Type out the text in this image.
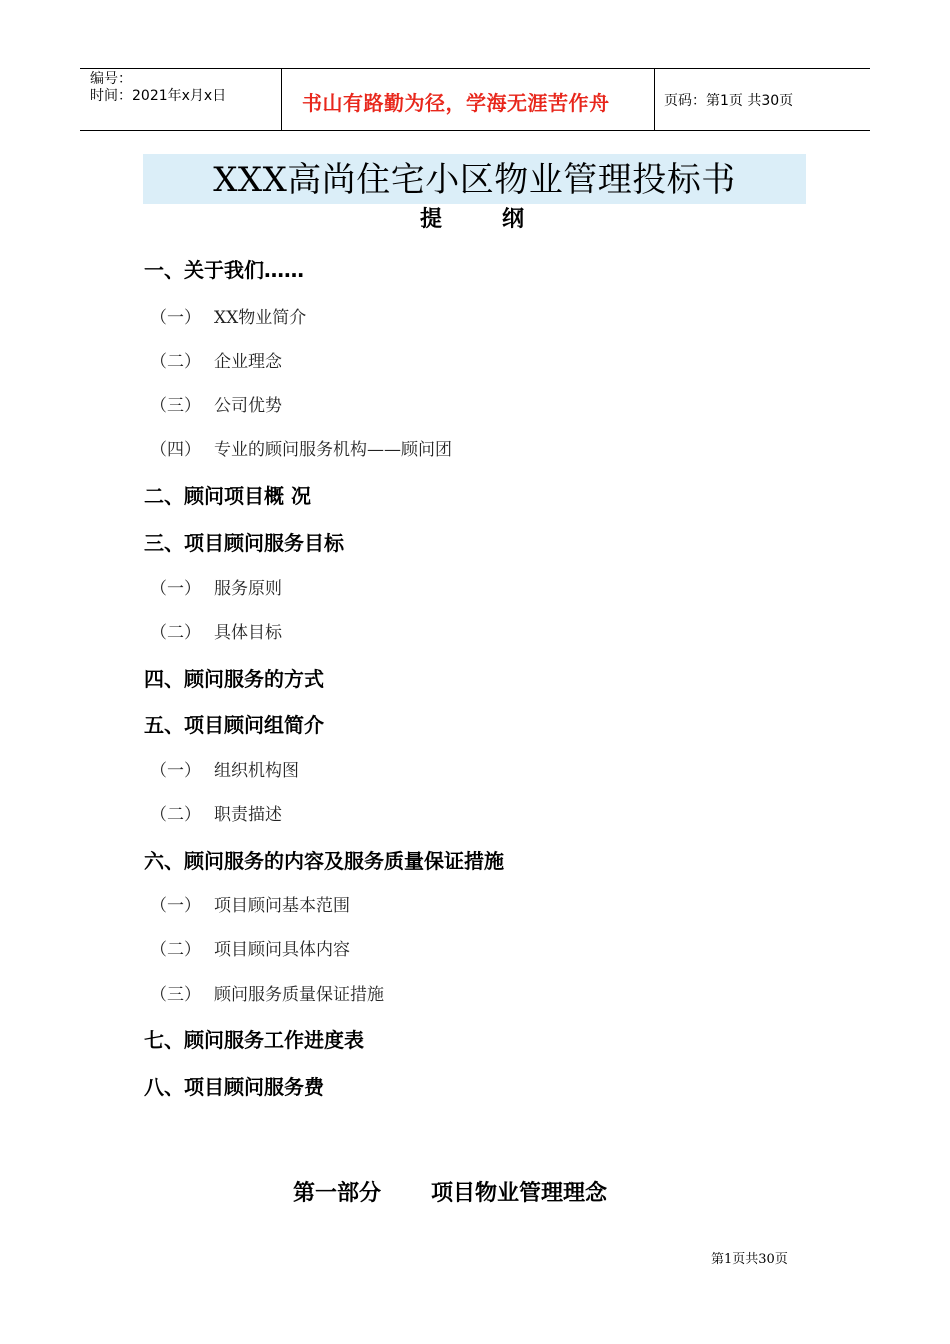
编号：
时间：2021年x月x日	书山有路勤为径，学海无涯苦作舟	页码：第1页 共30页
XXX高尚住宅小区物业管理投标书
提	纲
一、关于我们……
（一） XX物业简介
（二） 企业理念
（三） 公司优势
（四） 专业的顾问服务机构——顾问团
二、顾问项目概 况
三、项目顾问服务目标
（一） 服务原则
（二） 具体目标
四、顾问服务的方式
五、项目顾问组简介
（一） 组织机构图
（二） 职责描述
六、顾问服务的内容及服务质量保证措施
（一） 项目顾问基本范围
（二） 项目顾问具体内容
（三） 顾问服务质量保证措施
七、顾问服务工作进度表
八、项目顾问服务费
第一部分 项目物业管理理念
第1页共30页
